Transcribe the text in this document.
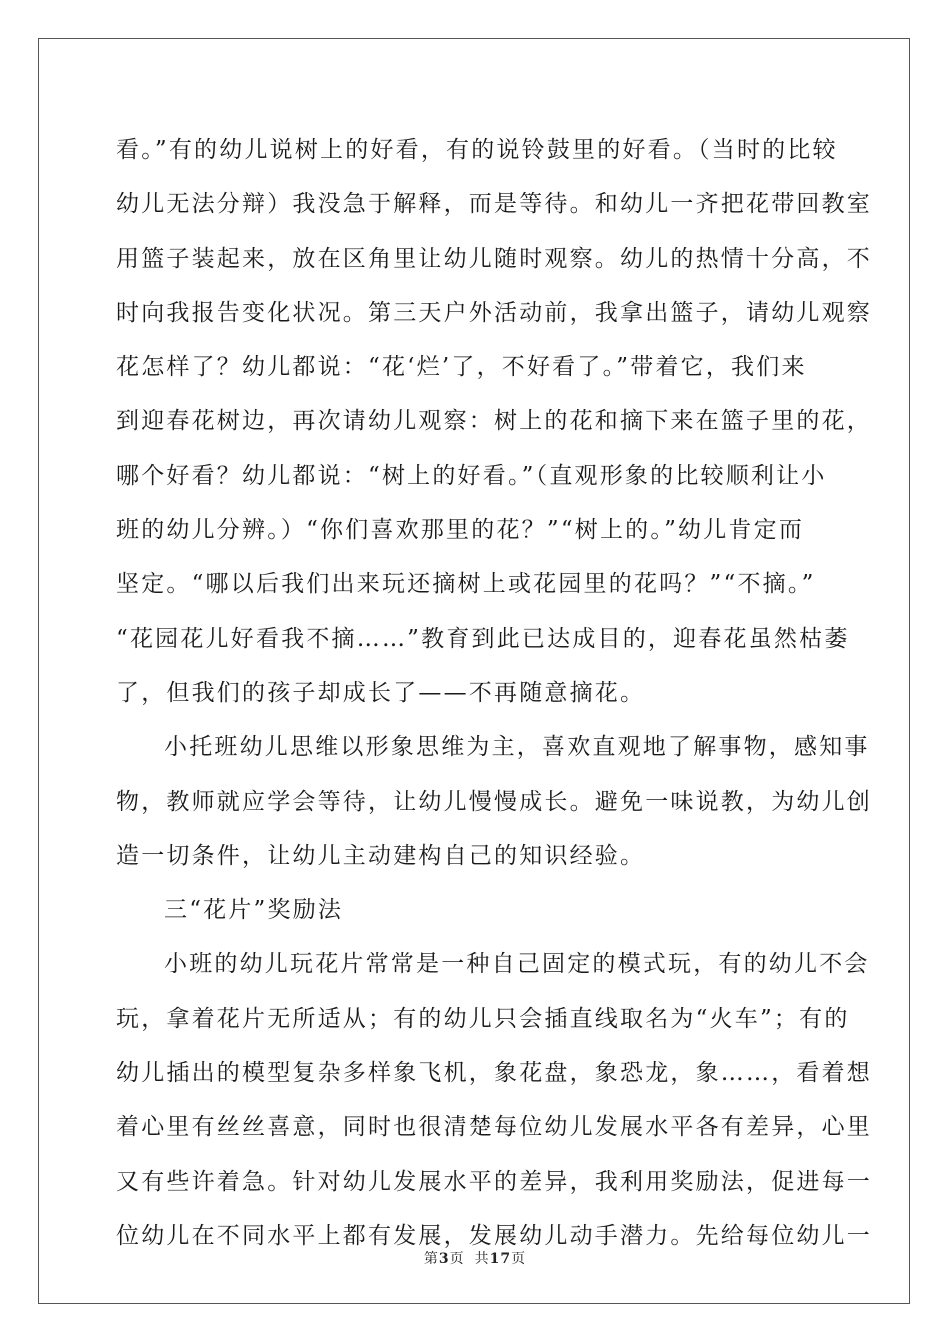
看。”有的幼儿说树上的好看，有的说铃鼓里的好看。（当时的比较
幼儿无法分辩）我没急于解释，而是等待。和幼儿一齐把花带回教室
用篮子装起来，放在区角里让幼儿随时观察。幼儿的热情十分高，不
时向我报告变化状况。第三天户外活动前，我拿出篮子，请幼儿观察
花怎样了？幼儿都说：“花‘烂’了，不好看了。”带着它，我们来
到迎春花树边，再次请幼儿观察：树上的花和摘下来在篮子里的花，
哪个好看？幼儿都说：“树上的好看。”（直观形象的比较顺利让小
班的幼儿分辨。）“你们喜欢那里的花？”“树上的。”幼儿肯定而
坚定。“哪以后我们出来玩还摘树上或花园里的花吗？”“不摘。”
“花园花儿好看我不摘……”教育到此已达成目的，迎春花虽然枯萎
了，但我们的孩子却成长了——不再随意摘花。
小托班幼儿思维以形象思维为主，喜欢直观地了解事物，感知事
物，教师就应学会等待，让幼儿慢慢成长。避免一味说教，为幼儿创
造一切条件，让幼儿主动建构自己的知识经验。
三“花片”奖励法
小班的幼儿玩花片常常是一种自己固定的模式玩，有的幼儿不会
玩，拿着花片无所适从；有的幼儿只会插直线取名为“火车”；有的
幼儿插出的模型复杂多样象飞机，象花盘，象恐龙，象……，看着想
着心里有丝丝喜意，同时也很清楚每位幼儿发展水平各有差异，心里
又有些许着急。针对幼儿发展水平的差异，我利用奖励法，促进每一
位幼儿在不同水平上都有发展，发展幼儿动手潜力。先给每位幼儿一
第3页 共17页
